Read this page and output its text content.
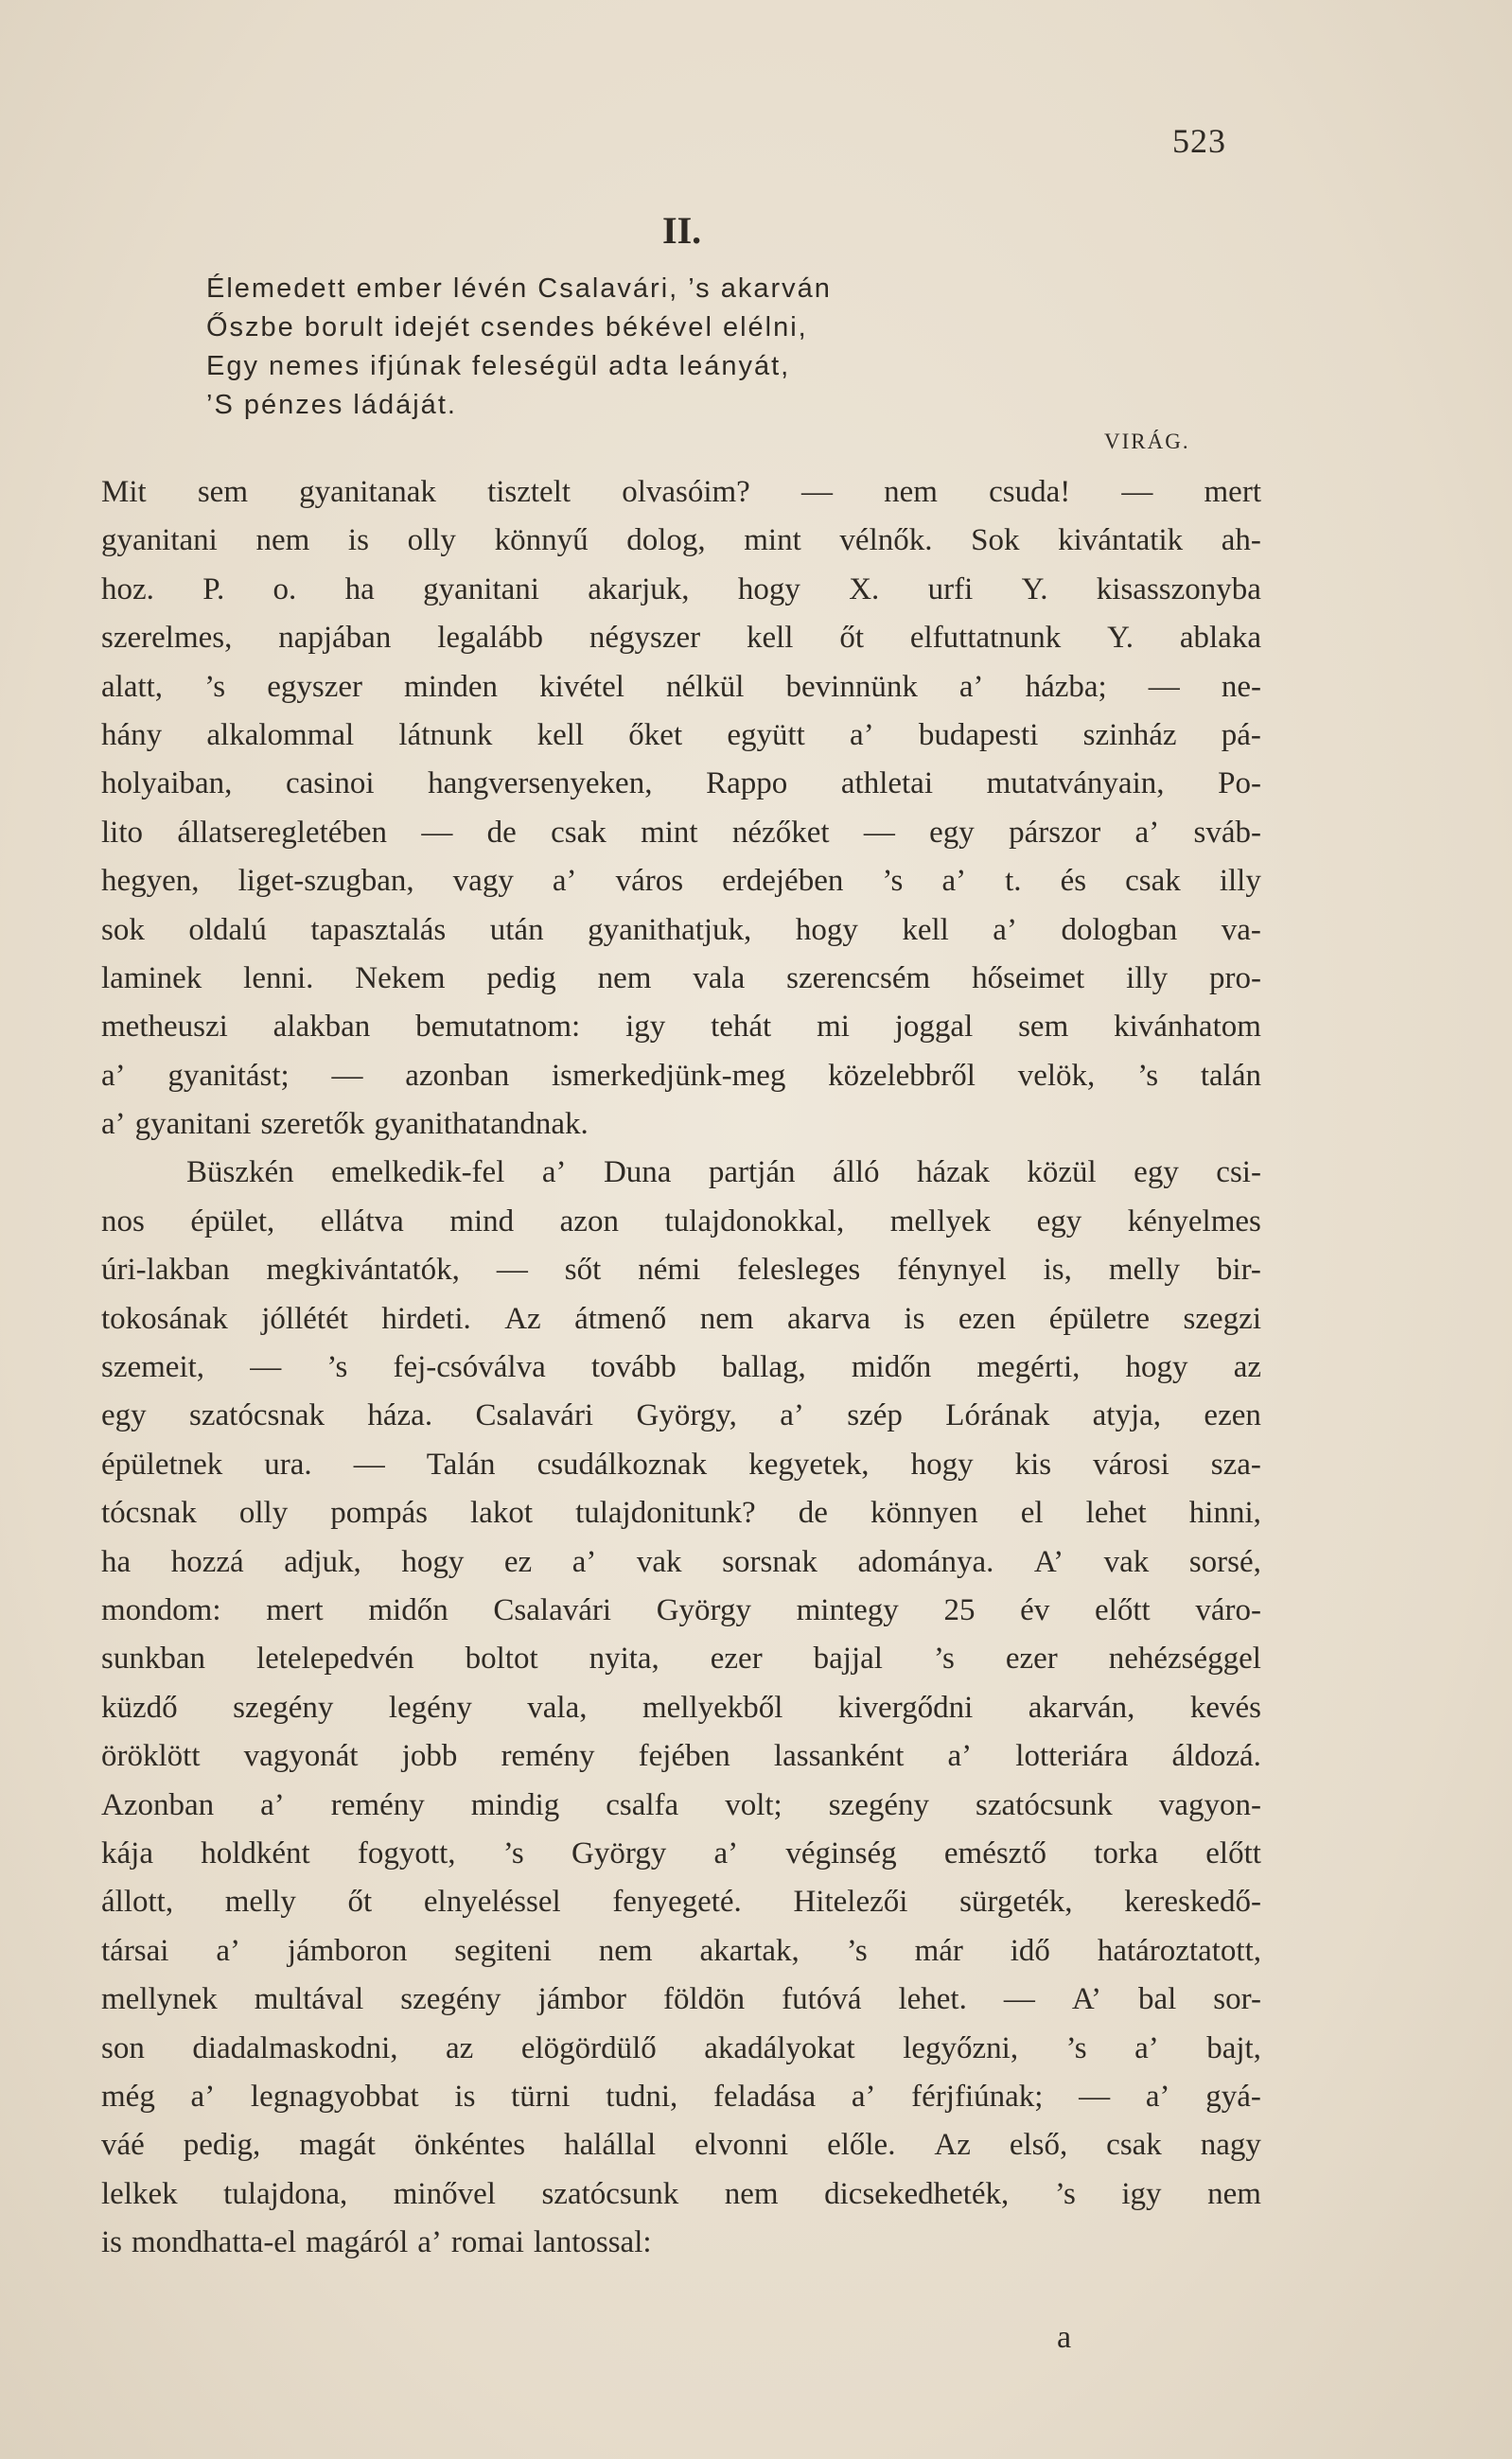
523
II.
Élemedett ember lévén Csalavári, ’s akarván
Őszbe borult idejét csendes békével elélni,
Egy nemes ifjúnak feleségül adta leányát,
’S pénzes ládáját.
VIRÁG.
Mit sem gyanitanak tisztelt olvasóim? — nem csuda! — mert
gyanitani nem is olly könnyű dolog, mint vélnők. Sok kivántatik ah-
hoz. P. o. ha gyanitani akarjuk, hogy X. urfi Y. kisasszonyba
szerelmes, napjában legalább négyszer kell őt elfuttatnunk Y. ablaka
alatt, ’s egyszer minden kivétel nélkül bevinnünk a’ házba; — ne-
hány alkalommal látnunk kell őket együtt a’ budapesti szinház pá-
holyaiban, casinoi hangversenyeken, Rappo athletai mutatványain, Po-
lito állatseregletében — de csak mint nézőket — egy párszor a’ sváb-
hegyen, liget-szugban, vagy a’ város erdejében ’s a’ t. és csak illy
sok oldalú tapasztalás után gyanithatjuk, hogy kell a’ dologban va-
laminek lenni. Nekem pedig nem vala szerencsém hőseimet illy pro-
metheuszi alakban bemutatnom: igy tehát mi joggal sem kivánhatom
a’ gyanitást; — azonban ismerkedjünk-meg közelebbről velök, ’s talán
a’ gyanitani szeretők gyanithatandnak.
Büszkén emelkedik-fel a’ Duna partján álló házak közül egy csi-
nos épület, ellátva mind azon tulajdonokkal, mellyek egy kényelmes
úri-lakban megkivántatók, — sőt némi felesleges fénynyel is, melly bir-
tokosának jóllétét hirdeti. Az átmenő nem akarva is ezen épületre szegzi
szemeit, — ’s fej-csóválva tovább ballag, midőn megérti, hogy az
egy szatócsnak háza. Csalavári György, a’ szép Lórának atyja, ezen
épületnek ura. — Talán csudálkoznak kegyetek, hogy kis városi sza-
tócsnak olly pompás lakot tulajdonitunk? de könnyen el lehet hinni,
ha hozzá adjuk, hogy ez a’ vak sorsnak adománya. A’ vak sorsé,
mondom: mert midőn Csalavári György mintegy 25 év előtt váro-
sunkban letelepedvén boltot nyita, ezer bajjal ’s ezer nehézséggel
küzdő szegény legény vala, mellyekből kivergődni akarván, kevés
öröklött vagyonát jobb remény fejében lassanként a’ lotteriára áldozá.
Azonban a’ remény mindig csalfa volt; szegény szatócsunk vagyon-
kája holdként fogyott, ’s György a’ véginség emésztő torka előtt
állott, melly őt elnyeléssel fenyegeté. Hitelezői sürgeték, kereskedő-
társai a’ jámboron segiteni nem akartak, ’s már idő határoztatott,
mellynek multával szegény jámbor földön futóvá lehet. — A’ bal sor-
son diadalmaskodni, az elögördülő akadályokat legyőzni, ’s a’ bajt,
még a’ legnagyobbat is türni tudni, feladása a’ férjfiúnak; — a’ gyá-
váé pedig, magát önkéntes halállal elvonni előle. Az első, csak nagy
lelkek tulajdona, minővel szatócsunk nem dicsekedheték, ’s igy nem
is mondhatta-el magáról a’ romai lantossal:
a
